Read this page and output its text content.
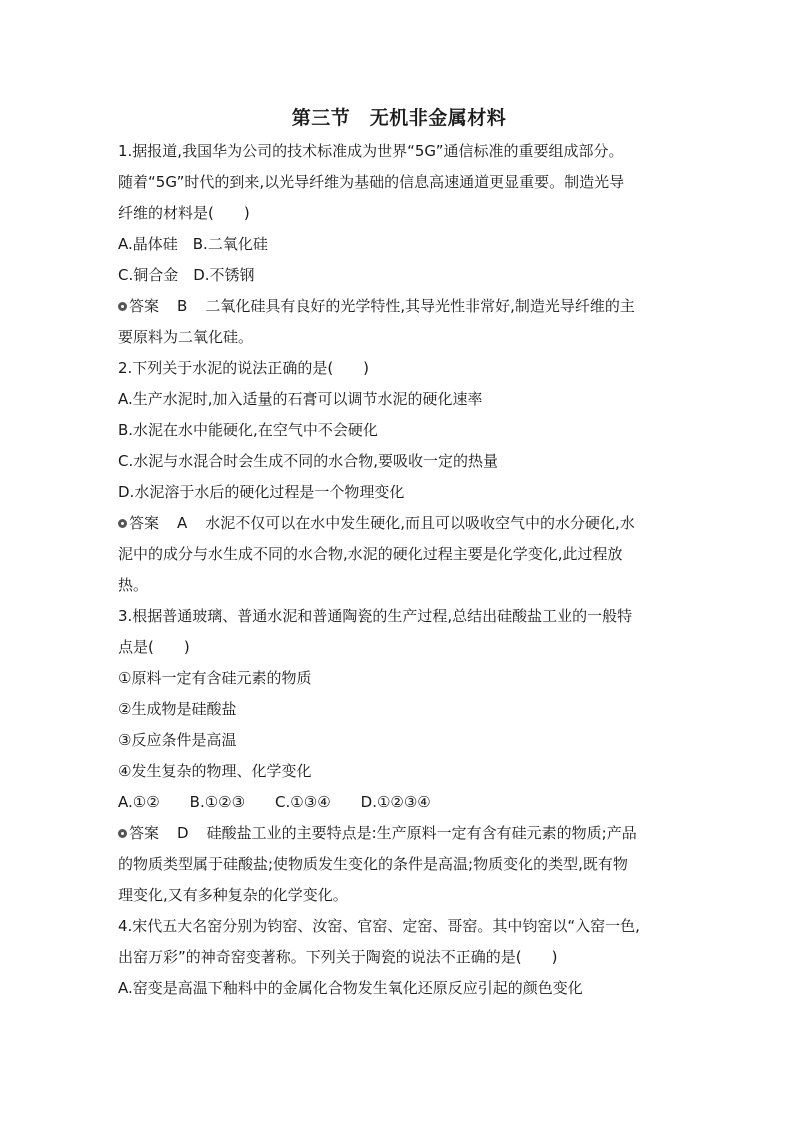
第三节　无机非金属材料
1.据报道,我国华为公司的技术标准成为世界“5G”通信标准的重要组成部分。
随着“5G”时代的到来,以光导纤维为基础的信息高速通道更显重要。制造光导
纤维的材料是(　　)
A.晶体硅　B.二氧化硅
C.铜合金　D.不锈钢
答案 B 二氧化硅具有良好的光学特性,其导光性非常好,制造光导纤维的主
要原料为二氧化硅。
2.下列关于水泥的说法正确的是(　　)
A.生产水泥时,加入适量的石膏可以调节水泥的硬化速率
B.水泥在水中能硬化,在空气中不会硬化
C.水泥与水混合时会生成不同的水合物,要吸收一定的热量
D.水泥溶于水后的硬化过程是一个物理变化
答案 A 水泥不仅可以在水中发生硬化,而且可以吸收空气中的水分硬化,水
泥中的成分与水生成不同的水合物,水泥的硬化过程主要是化学变化,此过程放
热。
3.根据普通玻璃、普通水泥和普通陶瓷的生产过程,总结出硅酸盐工业的一般特
点是(　　)
①原料一定有含硅元素的物质
②生成物是硅酸盐
③反应条件是高温
④发生复杂的物理、化学变化
A.①②　　B.①②③　　C.①③④　　D.①②③④
答案 D 硅酸盐工业的主要特点是:生产原料一定有含有硅元素的物质;产品
的物质类型属于硅酸盐;使物质发生变化的条件是高温;物质变化的类型,既有物
理变化,又有多种复杂的化学变化。
4.宋代五大名窑分别为钧窑、汝窑、官窑、定窑、哥窑。其中钧窑以“入窑一色,
出窑万彩”的神奇窑变著称。下列关于陶瓷的说法不正确的是(　　)
A.窑变是高温下釉料中的金属化合物发生氧化还原反应引起的颜色变化
